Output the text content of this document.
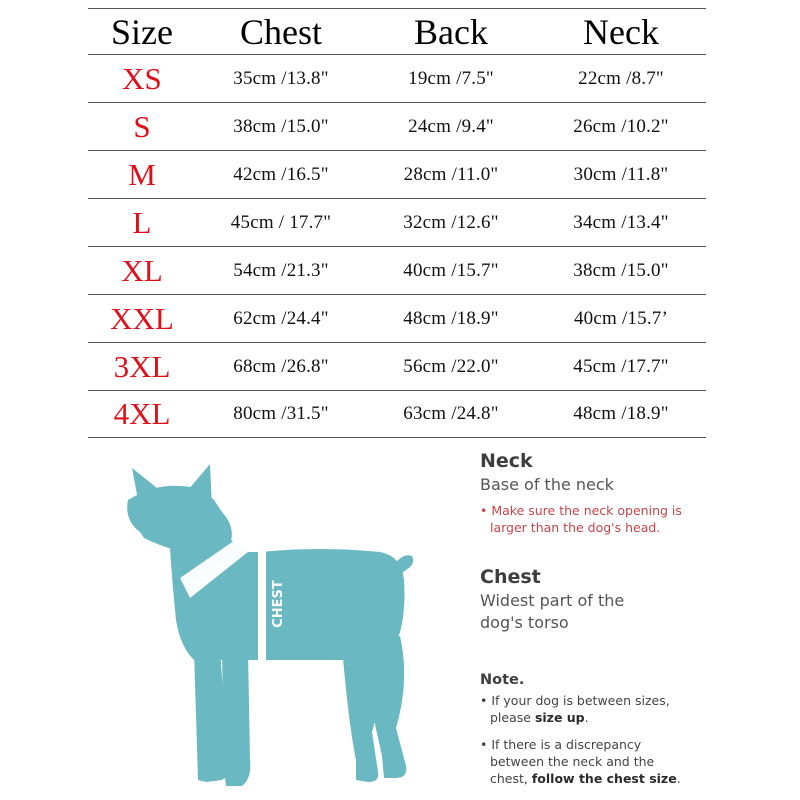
Size	Chest	Back	Neck
XS	35cm /13.8"	19cm /7.5"	22cm /8.7"
S	38cm /15.0"	24cm /9.4"	26cm /10.2"
M	42cm /16.5"	28cm /11.0"	30cm /11.8"
L	45cm / 17.7"	32cm /12.6"	34cm /13.4"
XL	54cm /21.3"	40cm /15.7"	38cm /15.0"
XXL	62cm /24.4"	48cm /18.9"	40cm /15.7’
3XL	68cm /26.8"	56cm /22.0"	45cm /17.7"
4XL	80cm /31.5"	63cm /24.8"	48cm /18.9"
NECK
CHEST

Neck

Base of the neck

• Make sure the neck opening is
larger than the dog's head.

Chest

Widest part of the
dog's torso

Note.

• If your dog is between sizes,
please size up.

• If there is a discrepancy
between the neck and the
chest, follow the chest size.
